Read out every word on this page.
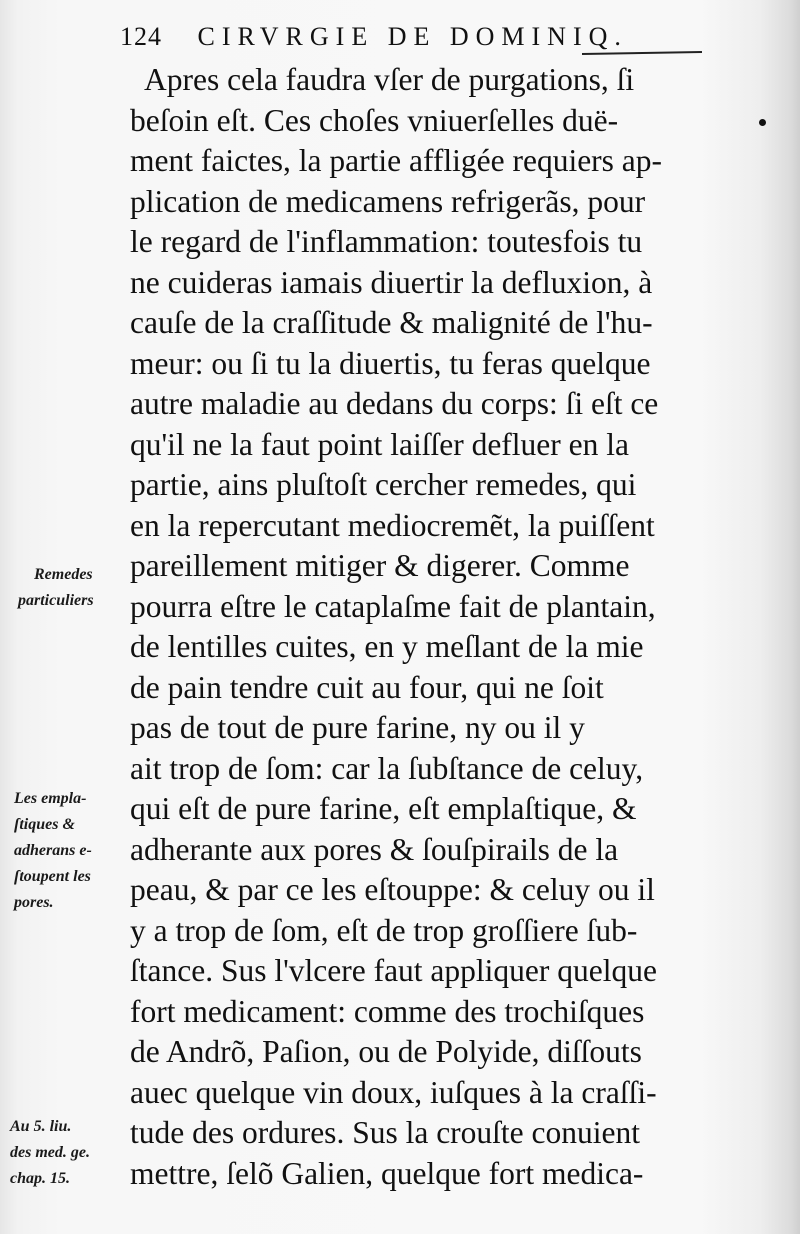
124 CIRVRGIE DE DOMINIQ.
Apres cela faudra vſer de purgations, ſi
beſoin eſt. Ces choſes vniuerſelles duë-
ment faictes, la partie affligée requiers ap-
plication de medicamens refrigerãs, pour
le regard de l'inflammation: toutesfois tu
ne cuideras iamais diuertir la defluxion, à
cauſe de la craſſitude & malignité de l'hu-
meur: ou ſi tu la diuertis, tu feras quelque
autre maladie au dedans du corps: ſi eſt ce
qu'il ne la faut point laiſſer defluer en la
partie, ains pluſtoſt cercher remedes, qui
en la repercutant mediocremẽt, la puiſſent
pareillement mitiger & digerer. Comme
pourra eſtre le cataplaſme fait de plantain,
de lentilles cuites, en y meſlant de la mie
de pain tendre cuit au four, qui ne ſoit
pas de tout de pure farine, ny ou il y
ait trop de ſom: car la ſubſtance de celuy,
qui eſt de pure farine, eſt emplaſtique, &
adherante aux pores & ſouſpirails de la
peau, & par ce les eſtouppe: & celuy ou il
y a trop de ſom, eſt de trop groſſiere ſub-
ſtance. Sus l'vlcere faut appliquer quelque
fort medicament: comme des trochiſques
de Andrõ, Paſion, ou de Polyide, diſſouts
auec quelque vin doux, iuſques à la craſſi-
tude des ordures. Sus la crouſte conuient
mettre, ſelõ Galien, quelque fort medica-
Remedes
particuliers
Les empla-
ſtiques &
adherans e-
ſtoupent les
pores.
Au 5. liu.
des med. ge.
chap. 15.
